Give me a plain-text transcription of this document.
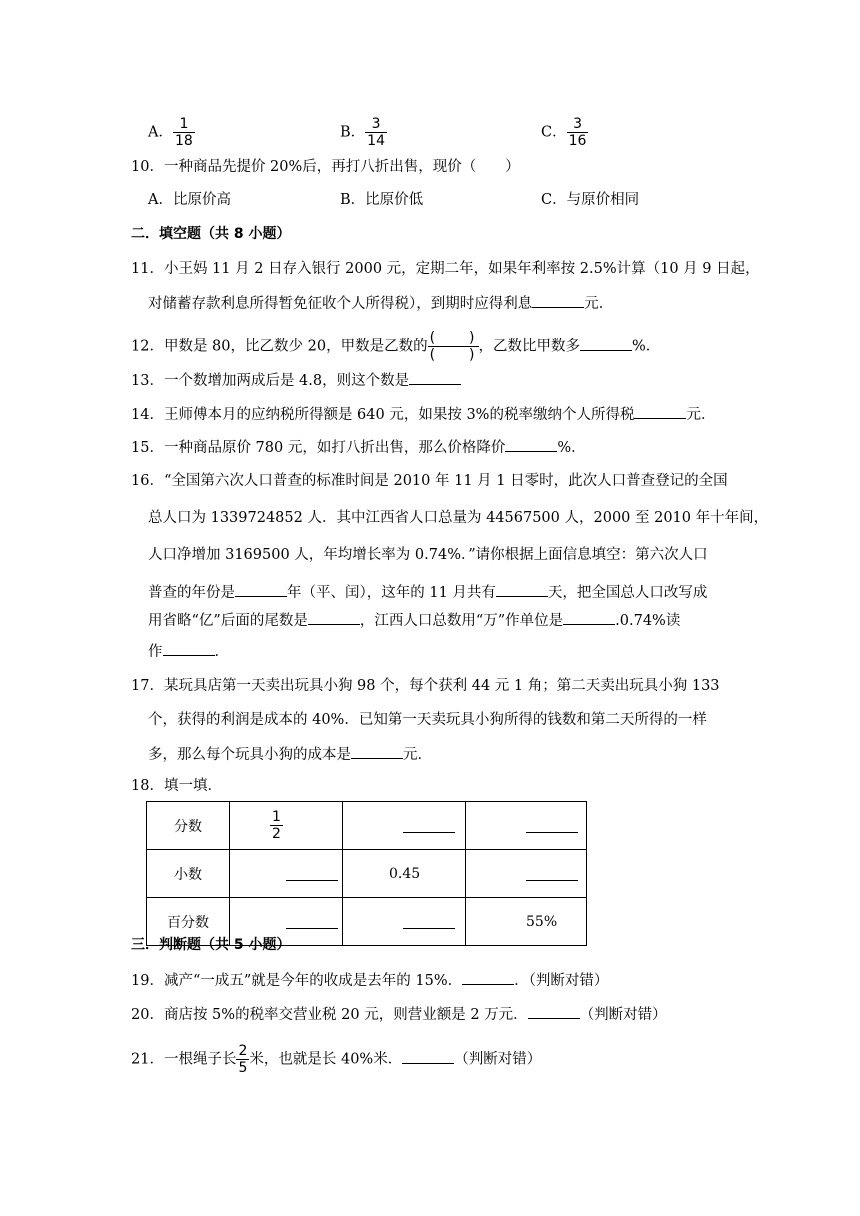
A． $\frac{1}{18}$	B． $\frac{3}{14}$	C． $\frac{3}{16}$
10．一种商品先提价 20%后，再打八折出售，现价（　　）
A．比原价高	B．比原价低	C．与原价相同
二．填空题（共 8 小题）
11．小王妈 11 月 2 日存入银行 2000 元，定期二年，如果年利率按 2.5%计算（10 月 9 日起，
对储蓄存款利息所得暂免征收个人所得税），到期时应得利息	元．
12．甲数是 80，比乙数少 20，甲数是乙数的 $\frac{( )}{( )}$ ，乙数比甲数多	%．
13．一个数增加两成后是 4.8，则这个数是
14．王师傅本月的应纳税所得额是 640 元，如果按 3%的税率缴纳个人所得税	元．
15．一种商品原价 780 元，如打八折出售，那么价格降价	%．
16．“全国第六次人口普查的标准时间是 2010 年 11 月 1 日零时，此次人口普查登记的全国
总人口为 1339724852 人．其中江西省人口总量为 44567500 人，2000 至 2010 年十年间，
人口净增加 3169500 人，年均增长率为 0.74%．”请你根据上面信息填空：第六次人口
普查的年份是	年（平、闰），这年的 11 月共有	天，把全国总人口改写成
用省略“亿”后面的尾数是	，江西人口总数用“万”作单位是	.0.74%读
作	．
17．某玩具店第一天卖出玩具小狗 98 个，每个获利 44 元 1 角；第二天卖出玩具小狗 133
个，获得的利润是成本的 40%．已知第一天卖玩具小狗所得的钱数和第二天所得的一样
多，那么每个玩具小狗的成本是	元．
18．填一填．
分数	$\frac{1}{2}$

小数		0.45	

百分数			55%
三．判断题（共 5 小题）
19．减产“一成五”就是今年的收成是去年的 15%．	．（判断对错）
20．商店按 5%的税率交营业税 20 元，则营业额是 2 万元．	（判断对错）
21．一根绳子长 $\frac{2}{5}$ 米，也就是长 40%米．	（判断对错）
